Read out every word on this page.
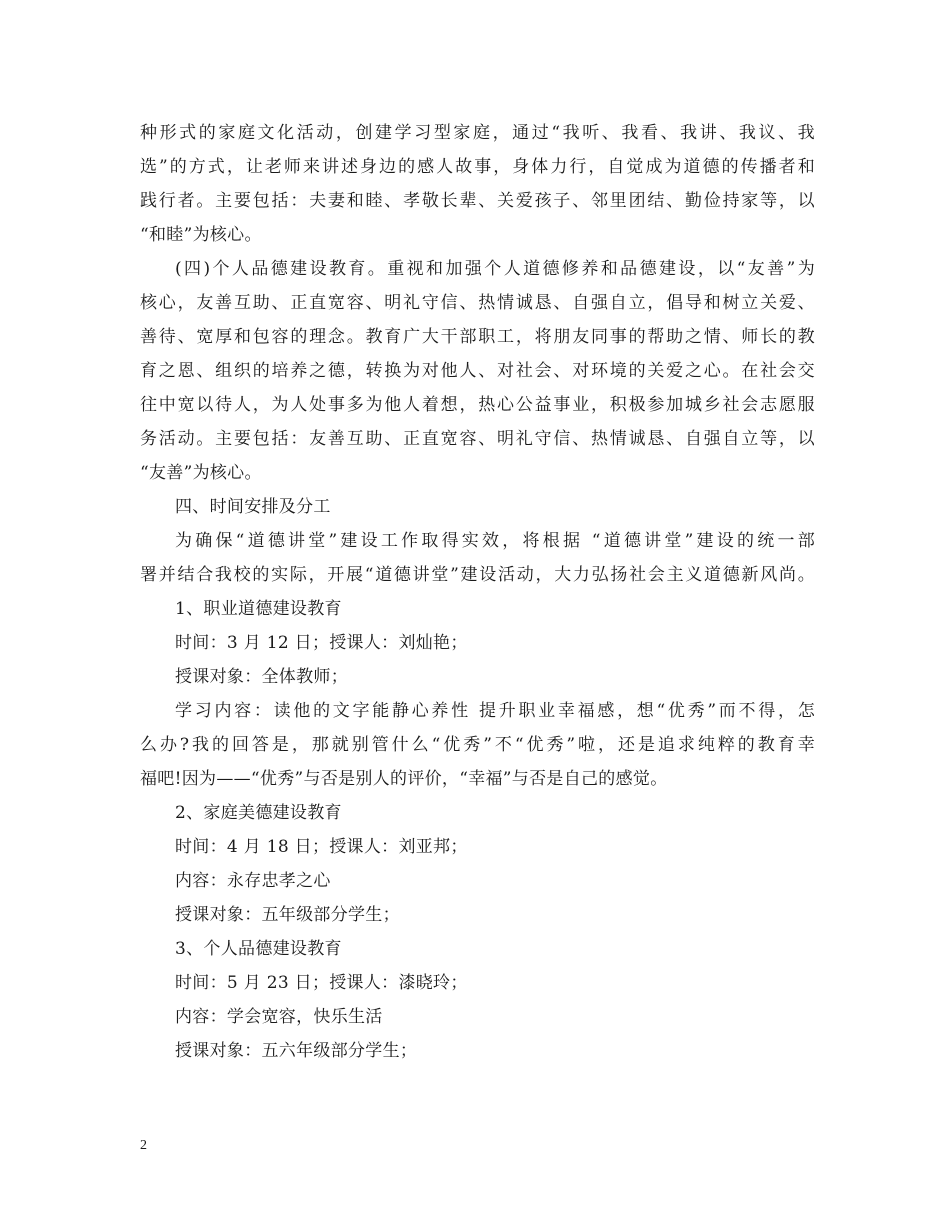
种形式的家庭文化活动，创建学习型家庭，通过“我听、我看、我讲、我议、我
选”的方式，让老师来讲述身边的感人故事，身体力行，自觉成为道德的传播者和
践行者。主要包括：夫妻和睦、孝敬长辈、关爱孩子、邻里团结、勤俭持家等，以
“和睦”为核心。
(四)个人品德建设教育。重视和加强个人道德修养和品德建设，以“友善”为
核心，友善互助、正直宽容、明礼守信、热情诚恳、自强自立，倡导和树立关爱、
善待、宽厚和包容的理念。教育广大干部职工，将朋友同事的帮助之情、师长的教
育之恩、组织的培养之德，转换为对他人、对社会、对环境的关爱之心。在社会交
往中宽以待人，为人处事多为他人着想，热心公益事业，积极参加城乡社会志愿服
务活动。主要包括：友善互助、正直宽容、明礼守信、热情诚恳、自强自立等，以
“友善”为核心。
四、时间安排及分工
为确保“道德讲堂”建设工作取得实效，将根据 “道德讲堂”建设的统一部
署并结合我校的实际，开展“道德讲堂”建设活动，大力弘扬社会主义道德新风尚。
1、职业道德建设教育
时间：3 月 12 日；授课人：刘灿艳；
授课对象：全体教师；
学习内容：读他的文字能静心养性 提升职业幸福感，想“优秀”而不得，怎
么办?我的回答是，那就别管什么“优秀”不“优秀”啦，还是追求纯粹的教育幸
福吧!因为——“优秀”与否是别人的评价，“幸福”与否是自己的感觉。
2、家庭美德建设教育
时间：4 月 18 日；授课人：刘亚邦；
内容：永存忠孝之心
授课对象：五年级部分学生；
3、个人品德建设教育
时间：5 月 23 日；授课人：漆晓玲；
内容：学会宽容，快乐生活
授课对象：五六年级部分学生；
2
